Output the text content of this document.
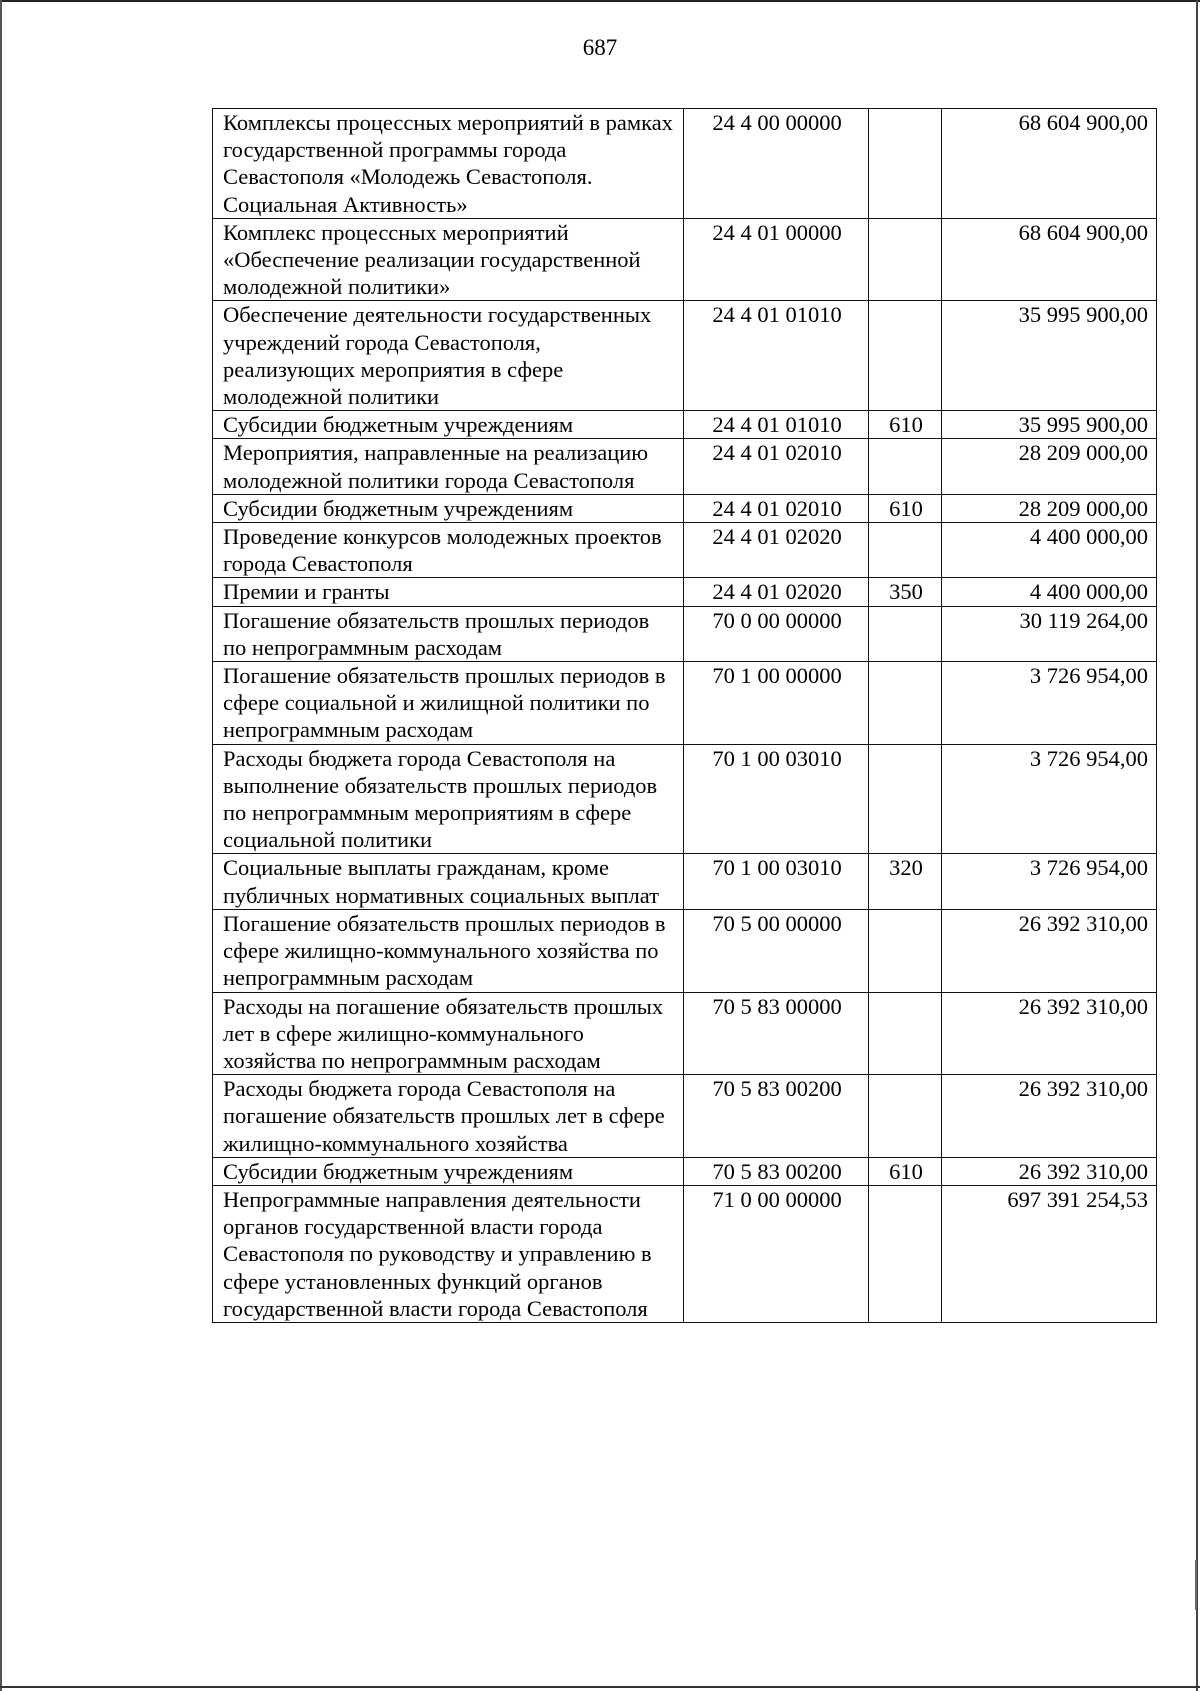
687
Комплексы процессных мероприятий в рамках государственной программы города Севастополя «Молодежь Севастополя. Социальная Активность»	24 4 00 00000		68 604 900,00
Комплекс процессных мероприятий «Обеспечение реализации государственной молодежной политики»	24 4 01 00000		68 604 900,00
Обеспечение деятельности государственных учреждений города Севастополя, реализующих мероприятия в сфере молодежной политики	24 4 01 01010		35 995 900,00
Субсидии бюджетным учреждениям	24 4 01 01010	610	35 995 900,00
Мероприятия, направленные на реализацию молодежной политики города Севастополя	24 4 01 02010		28 209 000,00
Субсидии бюджетным учреждениям	24 4 01 02010	610	28 209 000,00
Проведение конкурсов молодежных проектов города Севастополя	24 4 01 02020		4 400 000,00
Премии и гранты	24 4 01 02020	350	4 400 000,00
Погашение обязательств прошлых периодов по непрограммным расходам	70 0 00 00000		30 119 264,00
Погашение обязательств прошлых периодов в сфере социальной и жилищной политики по непрограммным расходам	70 1 00 00000		3 726 954,00
Расходы бюджета города Севастополя на выполнение обязательств прошлых периодов по непрограммным мероприятиям в сфере социальной политики	70 1 00 03010		3 726 954,00
Социальные выплаты гражданам, кроме публичных нормативных социальных выплат	70 1 00 03010	320	3 726 954,00
Погашение обязательств прошлых периодов в сфере жилищно-коммунального хозяйства по непрограммным расходам	70 5 00 00000		26 392 310,00
Расходы на погашение обязательств прошлых лет в сфере жилищно-коммунального хозяйства по непрограммным расходам	70 5 83 00000		26 392 310,00
Расходы бюджета города Севастополя на погашение обязательств прошлых лет в сфере жилищно-коммунального хозяйства	70 5 83 00200		26 392 310,00
Субсидии бюджетным учреждениям	70 5 83 00200	610	26 392 310,00
Непрограммные направления деятельности органов государственной власти города Севастополя по руководству и управлению в сфере установленных функций органов государственной власти города Севастополя	71 0 00 00000		697 391 254,53
